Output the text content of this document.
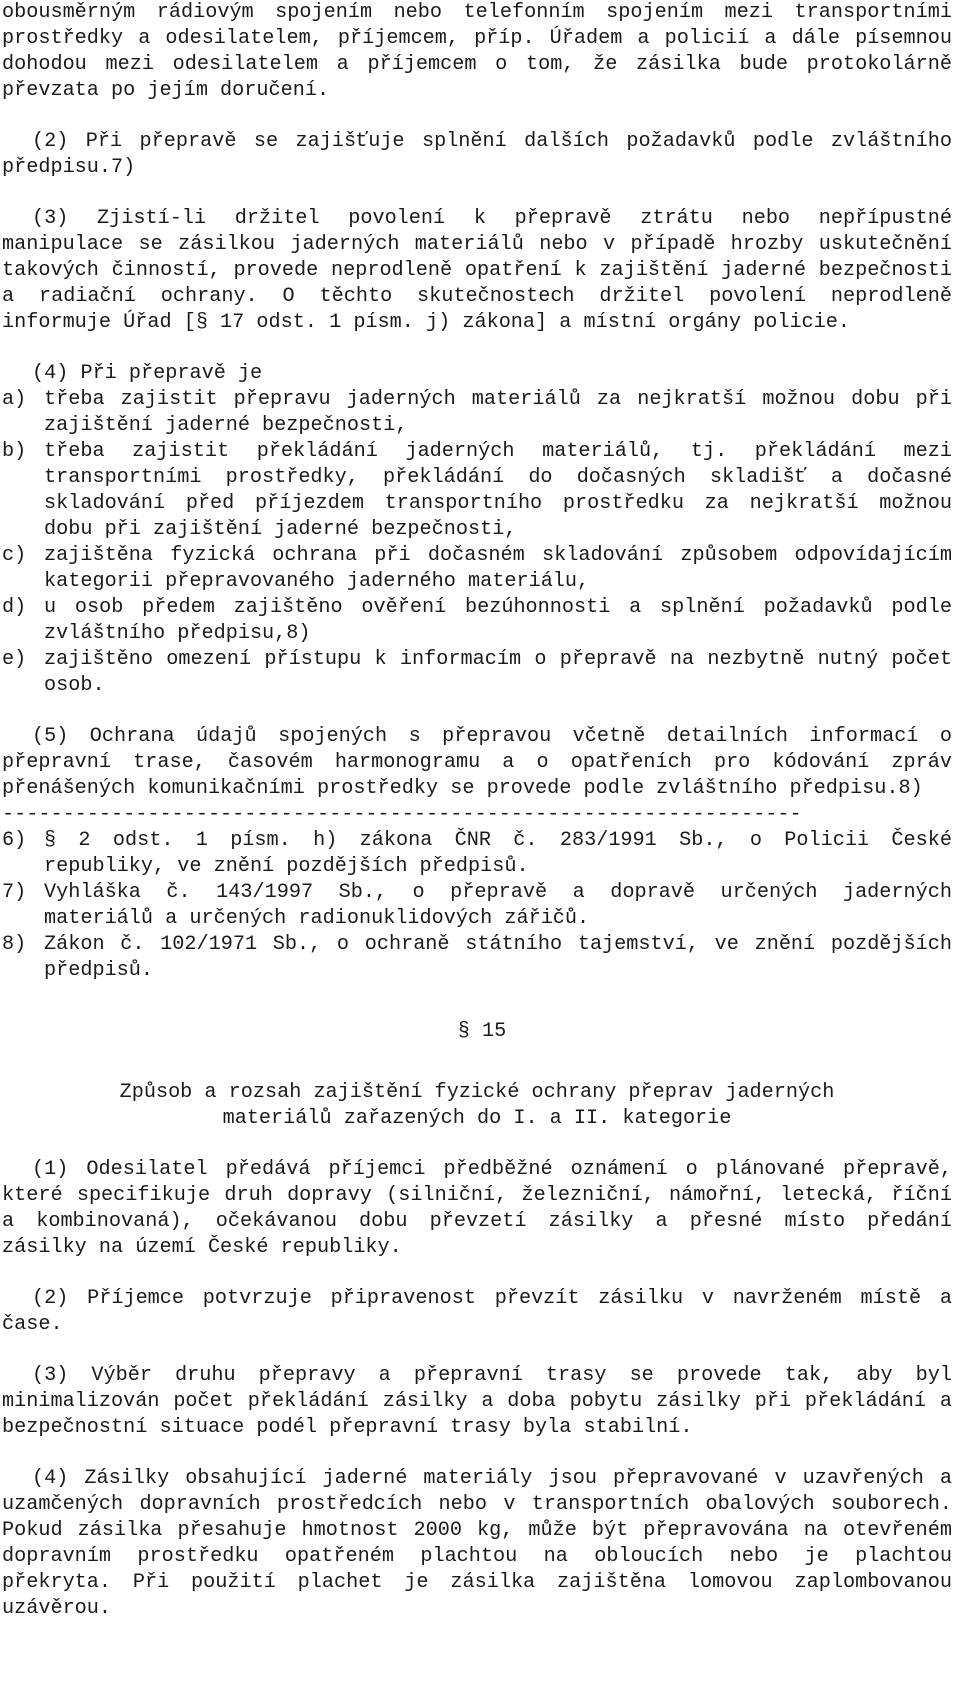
obousměrným rádiovým spojením nebo telefonním spojením mezi transportními prostředky a odesilatelem, příjemcem, příp. Úřadem a policií a dále písemnou dohodou mezi odesilatelem a příjemcem o tom, že zásilka bude protokolárně převzata po jejím doručení.
(2) Při přepravě se zajišťuje splnění dalších požadavků podle zvláštního předpisu.7)
(3) Zjistí-li držitel povolení k přepravě ztrátu nebo nepřípustné manipulace se zásilkou jaderných materiálů nebo v případě hrozby uskutečnění takových činností, provede neprodleně opatření k zajištění jaderné bezpečnosti a radiační ochrany. O těchto skutečnostech držitel povolení neprodleně informuje Úřad [§ 17 odst. 1 písm. j) zákona] a místní orgány policie.
(4) Při přepravě je
a) třeba zajistit přepravu jaderných materiálů za nejkratší možnou dobu při zajištění jaderné bezpečnosti,
b) třeba zajistit překládání jaderných materiálů, tj. překládání mezi transportními prostředky, překládání do dočasných skladišť a dočasné skladování před příjezdem transportního prostředku za nejkratší možnou dobu při zajištění jaderné bezpečnosti,
c) zajištěna fyzická ochrana při dočasném skladování způsobem odpovídajícím kategorii přepravovaného jaderného materiálu,
d) u osob předem zajištěno ověření bezúhonnosti a splnění požadavků podle zvláštního předpisu,8)
e) zajištěno omezení přístupu k informacím o přepravě na nezbytně nutný počet osob.
(5) Ochrana údajů spojených s přepravou včetně detailních informací o přepravní trase, časovém harmonogramu a o opatřeních pro kódování zpráv přenášených komunikačními prostředky se provede podle zvláštního předpisu.8)
------------------------------------------------------------------
6) § 2 odst. 1 písm. h) zákona ČNR č. 283/1991 Sb., o Policii České republiky, ve znění pozdějších předpisů.
7) Vyhláška č. 143/1997 Sb., o přepravě a dopravě určených jaderných materiálů a určených radionuklidových zářičů.
8) Zákon č. 102/1971 Sb., o ochraně státního tajemství, ve znění pozdějších předpisů.
§ 15
Způsob a rozsah zajištění fyzické ochrany přeprav jaderných
materiálů zařazených do I. a II. kategorie
(1) Odesilatel předává příjemci předběžné oznámení o plánované přepravě, které specifikuje druh dopravy (silniční, železniční, námořní, letecká, říční a kombinovaná), očekávanou dobu převzetí zásilky a přesné místo předání zásilky na území České republiky.
(2) Příjemce potvrzuje připravenost převzít zásilku v navrženém místě a čase.
(3) Výběr druhu přepravy a přepravní trasy se provede tak, aby byl minimalizován počet překládání zásilky a doba pobytu zásilky při překládání a bezpečnostní situace podél přepravní trasy byla stabilní.
(4) Zásilky obsahující jaderné materiály jsou přepravované v uzavřených a uzamčených dopravních prostředcích nebo v transportních obalových souborech. Pokud zásilka přesahuje hmotnost 2000 kg, může být přepravována na otevřeném dopravním prostředku opatřeném plachtou na obloucích nebo je plachtou překryta. Při použití plachet je zásilka zajištěna lomovou zaplombovanou uzávěrou.
